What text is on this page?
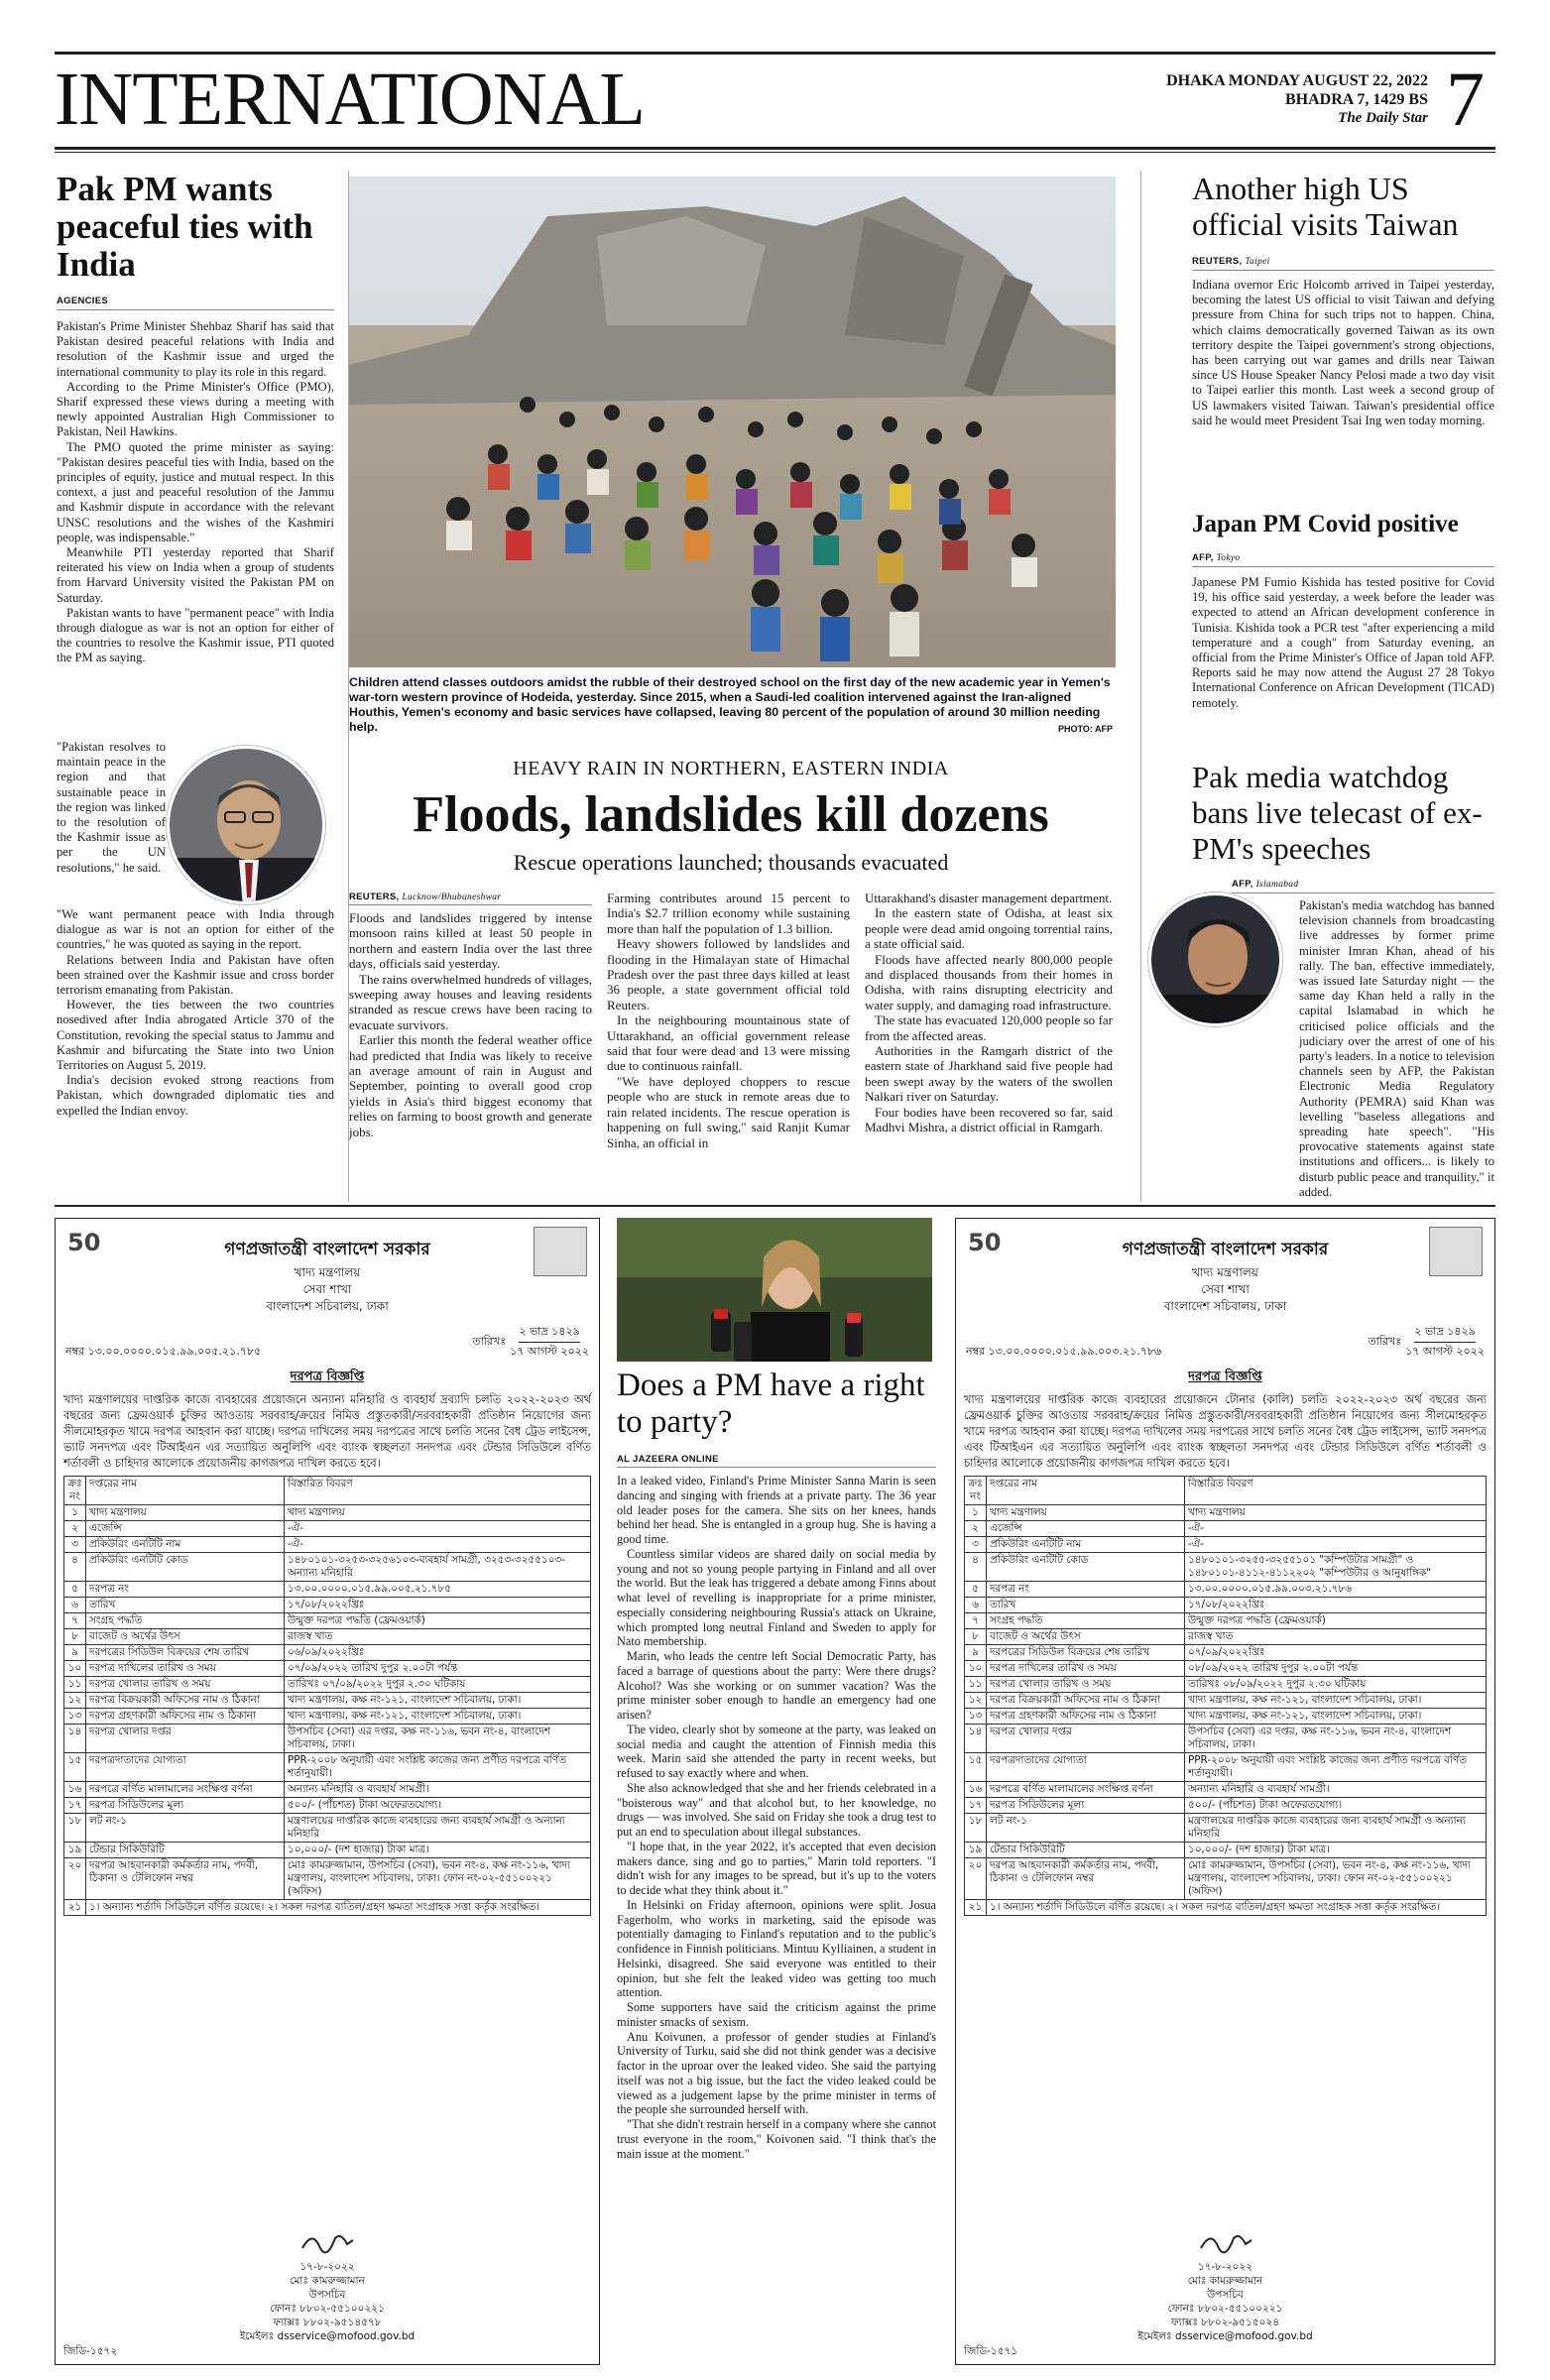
INTERNATIONAL	DHAKA MONDAY AUGUST 22, 2022
BHADRA 7, 1429 BS
The Daily Star 7
Pak PM wants peaceful ties with India
AGENCIES

Pakistan's Prime Minister Shehbaz Sharif has said that Pakistan desired peaceful relations with India and resolution of the Kashmir issue and urged the international community to play its role in this regard.

According to the Prime Minister's Office (PMO), Sharif expressed these views during a meeting with newly appointed Australian High Commissioner to Pakistan, Neil Hawkins.

The PMO quoted the prime minister as saying: "Pakistan desires peaceful ties with India, based on the principles of equity, justice and mutual respect. In this context, a just and peaceful resolution of the Jammu and Kashmir dispute in accordance with the relevant UNSC resolutions and the wishes of the Kashmiri people, was indispensable."

Meanwhile PTI yesterday reported that Sharif reiterated his view on India when a group of students from Harvard University visited the Pakistan PM on Saturday.

Pakistan wants to have "permanent peace" with India through dialogue as war is not an option for either of the countries to resolve the Kashmir issue, PTI quoted the PM as saying.

"Pakistan resolves to maintain peace in the region and that sustainable peace in the region was linked to the resolution of the Kashmir issue as per the UN resolutions," he said.

"We want permanent peace with India through dialogue as war is not an option for either of the countries," he was quoted as saying in the report.

Relations between India and Pakistan have often been strained over the Kashmir issue and cross border terrorism emanating from Pakistan.

However, the ties between the two countries nosedived after India abrogated Article 370 of the Constitution, revoking the special status to Jammu and Kashmir and bifurcating the State into two Union Territories on August 5, 2019.

India's decision evoked strong reactions from Pakistan, which downgraded diplomatic ties and expelled the Indian envoy.

Children attend classes outdoors amidst the rubble of their destroyed school on the first day of the new academic year in Yemen's war-torn western province of Hodeida, yesterday. Since 2015, when a Saudi-led coalition intervened against the Iran-aligned Houthis, Yemen's economy and basic services have collapsed, leaving 80 percent of the population of around 30 million needing help.	PHOTO: AFP
HEAVY RAIN IN NORTHERN, EASTERN INDIA
Floods, landslides kill dozens
Rescue operations launched; thousands evacuated
REUTERS, Lucknow/Bhubaneshwar

Floods and landslides triggered by intense monsoon rains killed at least 50 people in northern and eastern India over the last three days, officials said yesterday.

The rains overwhelmed hundreds of villages, sweeping away houses and leaving residents stranded as rescue crews have been racing to evacuate survivors.

Earlier this month the federal weather office had predicted that India was likely to receive an average amount of rain in August and September, pointing to overall good crop yields in Asia's third biggest economy that relies on farming to boost growth and generate jobs.

Farming contributes around 15 percent to India's $2.7 trillion economy while sustaining more than half the population of 1.3 billion.

Heavy showers followed by landslides and flooding in the Himalayan state of Himachal Pradesh over the past three days killed at least 36 people, a state government official told Reuters.

In the neighbouring mountainous state of Uttarakhand, an official government release said that four were dead and 13 were missing due to continuous rainfall.

"We have deployed choppers to rescue people who are stuck in remote areas due to rain related incidents. The rescue operation is happening on full swing," said Ranjit Kumar Sinha, an official in

Uttarakhand's disaster management department.

In the eastern state of Odisha, at least six people were dead amid ongoing torrential rains, a state official said.

Floods have affected nearly 800,000 people and displaced thousands from their homes in Odisha, with rains disrupting electricity and water supply, and damaging road infrastructure.

The state has evacuated 120,000 people so far from the affected areas.

Authorities in the Ramgarh district of the eastern state of Jharkhand said five people had been swept away by the waters of the swollen Nalkari river on Saturday.

Four bodies have been recovered so far, said Madhvi Mishra, a district official in Ramgarh.

Another high US official visits Taiwan
REUTERS, Taipei

Indiana overnor Eric Holcomb arrived in Taipei yesterday, becoming the latest US official to visit Taiwan and defying pressure from China for such trips not to happen. China, which claims democratically governed Taiwan as its own territory despite the Taipei government's strong objections, has been carrying out war games and drills near Taiwan since US House Speaker Nancy Pelosi made a two day visit to Taipei earlier this month. Last week a second group of US lawmakers visited Taiwan. Taiwan's presidential office said he would meet President Tsai Ing wen today morning.

Japan PM Covid positive
AFP, Tokyo

Japanese PM Fumio Kishida has tested positive for Covid 19, his office said yesterday, a week before the leader was expected to attend an African development conference in Tunisia. Kishida took a PCR test "after experiencing a mild temperature and a cough" from Saturday evening, an official from the Prime Minister's Office of Japan told AFP. Reports said he may now attend the August 27 28 Tokyo International Conference on African Development (TICAD) remotely.

Pak media watchdog bans live telecast of ex-PM's speeches
AFP, Islamabad

Pakistan's media watchdog has banned television channels from broadcasting live addresses by former prime minister Imran Khan, ahead of his rally. The ban, effective immediately, was issued late Saturday night — the same day Khan held a rally in the capital Islamabad in which he criticised police officials and the judiciary over the arrest of one of his party's leaders. In a notice to television channels seen by AFP, the Pakistan Electronic Media Regulatory Authority (PEMRA) said Khan was levelling "baseless allegations and spreading hate speech". "His provocative statements against state institutions and officers... is likely to disturb public peace and tranquility," it added.

50	গণপ্রজাতন্ত্রী বাংলাদেশ সরকার
খাদ্য মন্ত্রণালয়
সেবা শাখা
বাংলাদেশ সচিবালয়, ঢাকা
নম্বর ১৩.০০.০০০০.০১৫.৯৯.০০৫.২১.৭৮৫
তারিখঃ
২ ভাদ্র ১৪২৯
১৭ আগস্ট ২০২২
দরপত্র বিজ্ঞপ্তি
খাদ্য মন্ত্রণালয়ের দাপ্তরিক কাজে ব্যবহারের প্রয়োজনে অন্যান্য মনিহারি ও ব্যবহার্য দ্রব্যাদি চলতি ২০২২-২০২৩ অর্থ বছরের জন্য ফ্রেমওয়ার্ক চুক্তির আওতায় সরবরাহ/ক্রয়ের নিমিত্ত প্রস্তুতকারী/সরবরাহকারী প্রতিষ্ঠান নিয়োগের জন্য সীলমোহরকৃত খামে দরপত্র আহবান করা যাচ্ছে। দরপত্র দাখিলের সময় দরপত্রের সাথে চলতি সনের বৈধ ট্রেড লাইসেন্স, ভ্যাট সনদপত্র এবং টিআইএন এর সত্যায়িত অনুলিপি এবং ব্যাংক স্বচ্ছলতা সনদপত্র এবং টেন্ডার সিডিউলে বর্ণিত শর্তাবলী ও চাহিদার আলোকে প্রয়োজনীয় কাগজপত্র দাখিল করতে হবে।
ক্রঃ নং	দপ্তরের নাম	বিস্তারিত বিবরণ
১	খাদ্য মন্ত্রণালয়	খাদ্য মন্ত্রণালয়
২	এজেন্সি	-ঐ-
৩	প্রকিউরিং এনটিটি নাম	-ঐ-
৪	প্রকিউরিং এনটিটি কোড	১৪৮০১০১-৩২৫৩-৩২৫৬১০৩-ব্যবহার্য সামগ্রী, ৩২৫৩-৩২৫৫১০৩-অন্যান্য মনিহারি
৫	দরপত্র নং	১৩.০০.০০০০.০১৫.৯৯.০০৫.২১.৭৮৫
৬	তারিখ	১৭/০৮/২০২২খ্রিঃ
৭	সংগ্রহ পদ্ধতি	উন্মুক্ত দরপত্র পদ্ধতি (ফ্রেমওয়ার্ক)
৮	বাজেট ও অর্থের উৎস	রাজস্ব খাত
৯	দরপত্রের সিডিউল বিক্রয়ের শেষ তারিখ	০৬/০৯/২০২২খ্রিঃ
১০	দরপত্র দাখিলের তারিখ ও সময়	০৭/০৯/২০২২ তারিখ দুপুর ২.০০টা পর্যন্ত
১১	দরপত্র খোলার তারিখ ও সময়	তারিখঃ ০৭/০৯/২০২২ দুপুর ২.৩০ ঘটিকায়
১২	দরপত্র বিক্রয়কারী অফিসের নাম ও ঠিকানা	খাদ্য মন্ত্রণালয়, কক্ষ নং-১২১, বাংলাদেশ সচিবালয়, ঢাকা।
১৩	দরপত্র গ্রহণকারী অফিসের নাম ও ঠিকানা	খাদ্য মন্ত্রণালয়, কক্ষ নং-১২১, বাংলাদেশ সচিবালয়, ঢাকা।
১৪	দরপত্র খোলার দপ্তর	উপসচিব (সেবা) এর দপ্তর, কক্ষ নং-১১৬, ভবন নং-৪, বাংলাদেশ সচিবালয়, ঢাকা।
১৫	দরপত্রদাতাদের যোগ্যতা	PPR-২০০৮ অনুযায়ী এবং সংশ্লিষ্ট কাজের জন্য প্রণীত দরপত্রে বর্ণিত শর্তানুযায়ী।
১৬	দরপত্রে বর্ণিত মালামালের সংক্ষিপ্ত বর্ণনা	অন্যান্য মনিহারি ও ব্যবহার্য সামগ্রী।
১৭	দরপত্র সিডিউলের মূল্য	৫০০/- (পাঁচশত) টাকা অফেরতযোগ্য।
১৮	লট নং-১	মন্ত্রণালয়ের দাপ্তরিক কাজে ব্যবহারের জন্য ব্যবহার্য সামগ্রী ও অন্যান্য মনিহারি
১৯	টেন্ডার সিকিউরিটি	১০,০০০/- (দশ হাজার) টাকা মাত্র।
২০	দরপত্র আহবানকারী কর্মকর্তার নাম, পদবী, ঠিকানা ও টেলিফোন নম্বর	মোঃ কামরুজ্জামান, উপসচিব (সেবা), ভবন নং-৪, কক্ষ নং-১১৬, খাদ্য মন্ত্রণালয়, বাংলাদেশ সচিবালয়, ঢাকা। ফোন নং-০২-৫৫১০০২২১ (অফিস)
২১	১। অন্যান্য শর্তাদি সিডিউলে বর্ণিত রয়েছে। ২। সকল দরপত্র বাতিল/গ্রহণ ক্ষমতা সংগ্রাহক সত্তা কর্তৃক সংরক্ষিত।	
১৭-৮-২০২২
মোঃ কামরুজ্জামান
উপসচিব
ফোনঃ ৮৮০২-৫৫১০০২২১
ফ্যাক্সঃ ৮৮০২-৯৫১৪৫৭৮
ইমেইলঃ dsservice@mofood.gov.bd
জিডি-১৫৭২
Does a PM have a right to party?
AL JAZEERA ONLINE

In a leaked video, Finland's Prime Minister Sanna Marin is seen dancing and singing with friends at a private party. The 36 year old leader poses for the camera. She sits on her knees, hands behind her head. She is entangled in a group hug. She is having a good time.

Countless similar videos are shared daily on social media by young and not so young people partying in Finland and all over the world. But the leak has triggered a debate among Finns about what level of revelling is inappropriate for a prime minister, especially considering neighbouring Russia's attack on Ukraine, which prompted long neutral Finland and Sweden to apply for Nato membership.

Marin, who leads the centre left Social Democratic Party, has faced a barrage of questions about the party: Were there drugs? Alcohol? Was she working or on summer vacation? Was the prime minister sober enough to handle an emergency had one arisen?

The video, clearly shot by someone at the party, was leaked on social media and caught the attention of Finnish media this week. Marin said she attended the party in recent weeks, but refused to say exactly where and when.

She also acknowledged that she and her friends celebrated in a "boisterous way" and that alcohol but, to her knowledge, no drugs — was involved. She said on Friday she took a drug test to put an end to speculation about illegal substances.

"I hope that, in the year 2022, it's accepted that even decision makers dance, sing and go to parties," Marin told reporters. "I didn't wish for any images to be spread, but it's up to the voters to decide what they think about it."

In Helsinki on Friday afternoon, opinions were split. Josua Fagerholm, who works in marketing, said the episode was potentially damaging to Finland's reputation and to the public's confidence in Finnish politicians. Mintuu Kylliainen, a student in Helsinki, disagreed. She said everyone was entitled to their opinion, but she felt the leaked video was getting too much attention.

Some supporters have said the criticism against the prime minister smacks of sexism.

Anu Koivunen, a professor of gender studies at Finland's University of Turku, said she did not think gender was a decisive factor in the uproar over the leaked video. She said the partying itself was not a big issue, but the fact the video leaked could be viewed as a judgement lapse by the prime minister in terms of the people she surrounded herself with.

"That she didn't restrain herself in a company where she cannot trust everyone in the room," Koivonen said. "I think that's the main issue at the moment."

50	গণপ্রজাতন্ত্রী বাংলাদেশ সরকার
খাদ্য মন্ত্রণালয়
সেবা শাখা
বাংলাদেশ সচিবালয়, ঢাকা
নম্বর ১৩.০০.০০০০.০১৫.৯৯.০০৩.২১.৭৮৬
তারিখঃ
২ ভাদ্র ১৪২৯
১৭ আগস্ট ২০২২
দরপত্র বিজ্ঞপ্তি
খাদ্য মন্ত্রণালয়ের দাপ্তরিক কাজে ব্যবহারের প্রয়োজনে টোনার (কালি) চলতি ২০২২-২০২৩ অর্থ বছরের জন্য ফ্রেমওয়ার্ক চুক্তির আওতায় সরবরাহ/ক্রয়ের নিমিত্ত প্রস্তুতকারী/সরবরাহকারী প্রতিষ্ঠান নিয়োগের জন্য সীলমোহরকৃত খামে দরপত্র আহবান করা যাচ্ছে। দরপত্র দাখিলের সময় দরপত্রের সাথে চলতি সনের বৈধ ট্রেড লাইসেন্স, ভ্যাট সনদপত্র এবং টিআইএন এর সত্যায়িত অনুলিপি এবং ব্যাংক স্বচ্ছলতা সনদপত্র এবং টেন্ডার সিডিউলে বর্ণিত শর্তাবলী ও চাহিদার আলোকে প্রয়োজনীয় কাগজপত্র দাখিল করতে হবে।
ক্রঃ নং	দপ্তরের নাম	বিস্তারিত বিবরণ
১	খাদ্য মন্ত্রণালয়	খাদ্য মন্ত্রণালয়
২	এজেন্সি	-ঐ-
৩	প্রকিউরিং এনটিটি নাম	-ঐ-
৪	প্রকিউরিং এনটিটি কোড	১৪৮০১০১-৩২৫৫-৩২৫৫১০১ "কম্পিউটার সামগ্রী" ও ১৪৮০১০১-৪১১২-৪১১২২০২ "কম্পিউটার ও আনুষাঙ্গিক"
৫	দরপত্র নং	১৩.০০.০০০০.০১৫.৯৯.০০৩.২১.৭৮৬
৬	তারিখ	১৭/০৮/২০২২খ্রিঃ
৭	সংগ্রহ পদ্ধতি	উন্মুক্ত দরপত্র পদ্ধতি (ফ্রেমওয়ার্ক)
৮	বাজেট ও অর্থের উৎস	রাজস্ব খাত
৯	দরপত্রের সিডিউল বিক্রয়ের শেষ তারিখ	০৭/০৯/২০২২খ্রিঃ
১০	দরপত্র দাখিলের তারিখ ও সময়	০৮/০৯/২০২২ তারিখ দুপুর ২.০০টা পর্যন্ত
১১	দরপত্র খোলার তারিখ ও সময়	তারিখঃ ০৮/০৯/২০২২ দুপুর ২.৩০ ঘটিকায়
১২	দরপত্র বিক্রয়কারী অফিসের নাম ও ঠিকানা	খাদ্য মন্ত্রণালয়, কক্ষ নং-১২১, বাংলাদেশ সচিবালয়, ঢাকা।
১৩	দরপত্র গ্রহণকারী অফিসের নাম ও ঠিকানা	খাদ্য মন্ত্রণালয়, কক্ষ নং-১২১, বাংলাদেশ সচিবালয়, ঢাকা।
১৪	দরপত্র খোলার দপ্তর	উপসচিব (সেবা) এর দপ্তর, কক্ষ নং-১১৬, ভবন নং-৪, বাংলাদেশ সচিবালয়, ঢাকা।
১৫	দরপত্রদাতাদের যোগ্যতা	PPR-২০০৮ অনুযায়ী এবং সংশ্লিষ্ট কাজের জন্য প্রণীত দরপত্রে বর্ণিত শর্তানুযায়ী।
১৬	দরপত্রে বর্ণিত মালামালের সংক্ষিপ্ত বর্ণনা	অন্যান্য মনিহারি ও ব্যবহার্য সামগ্রী।
১৭	দরপত্র সিডিউলের মূল্য	৫০০/- (পাঁচশত) টাকা অফেরতযোগ্য।
১৮	লট নং-১	মন্ত্রণালয়ের দাপ্তরিক কাজে ব্যবহারের জন্য ব্যবহার্য সামগ্রী ও অন্যান্য মনিহারি
১৯	টেন্ডার সিকিউরিটি	১০,০০০/- (দশ হাজার) টাকা মাত্র।
২০	দরপত্র আহবানকারী কর্মকর্তার নাম, পদবী, ঠিকানা ও টেলিফোন নম্বর	মোঃ কামরুজ্জামান, উপসচিব (সেবা), ভবন নং-৪, কক্ষ নং-১১৬, খাদ্য মন্ত্রণালয়, বাংলাদেশ সচিবালয়, ঢাকা। ফোন নং-০২-৫৫১০০২২১ (অফিস)
২১	১। অন্যান্য শর্তাদি সিডিউলে বর্ণিত রয়েছে। ২। সকল দরপত্র বাতিল/গ্রহণ ক্ষমতা সংগ্রাহক সত্তা কর্তৃক সংরক্ষিত।	
১৭-৮-২০২২
মোঃ কামরুজ্জামান
উপসচিব
ফোনঃ ৮৮০২-৫৫১০০২২১
ফ্যাক্সঃ ৮৮০২-৯৫১৫০২৪
ইমেইলঃ dsservice@mofood.gov.bd
জিডি-১৫৭১
